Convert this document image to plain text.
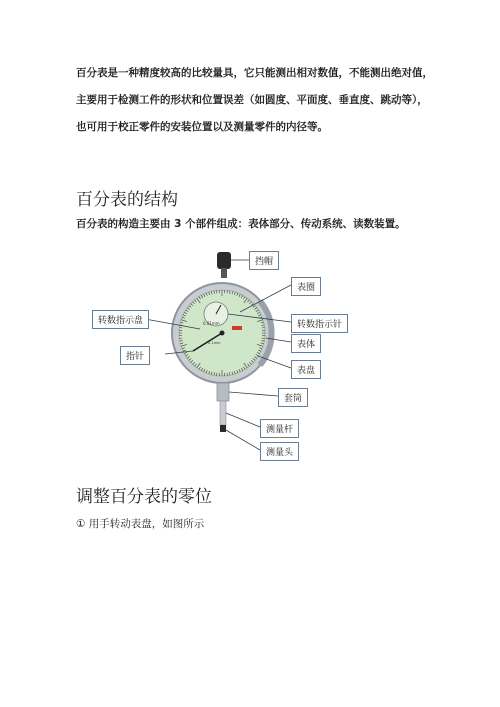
百分表是一种精度较高的比较量具，它只能测出相对数值，不能测出绝对值，
主要用于检测工件的形状和位置误差（如圆度、平面度、垂直度、跳动等），
也可用于校正零件的安装位置以及测量零件的内径等。
百分表的结构
百分表的构造主要由 3 个部件组成：表体部分、传动系统、读数装置。
0.01mm
0-1mm
挡帽
表圈
转数指示盘	转数指示针
表体
指针
表盘
套筒
测量杆
测量头
调整百分表的零位
① 用手转动表盘，如图所示
